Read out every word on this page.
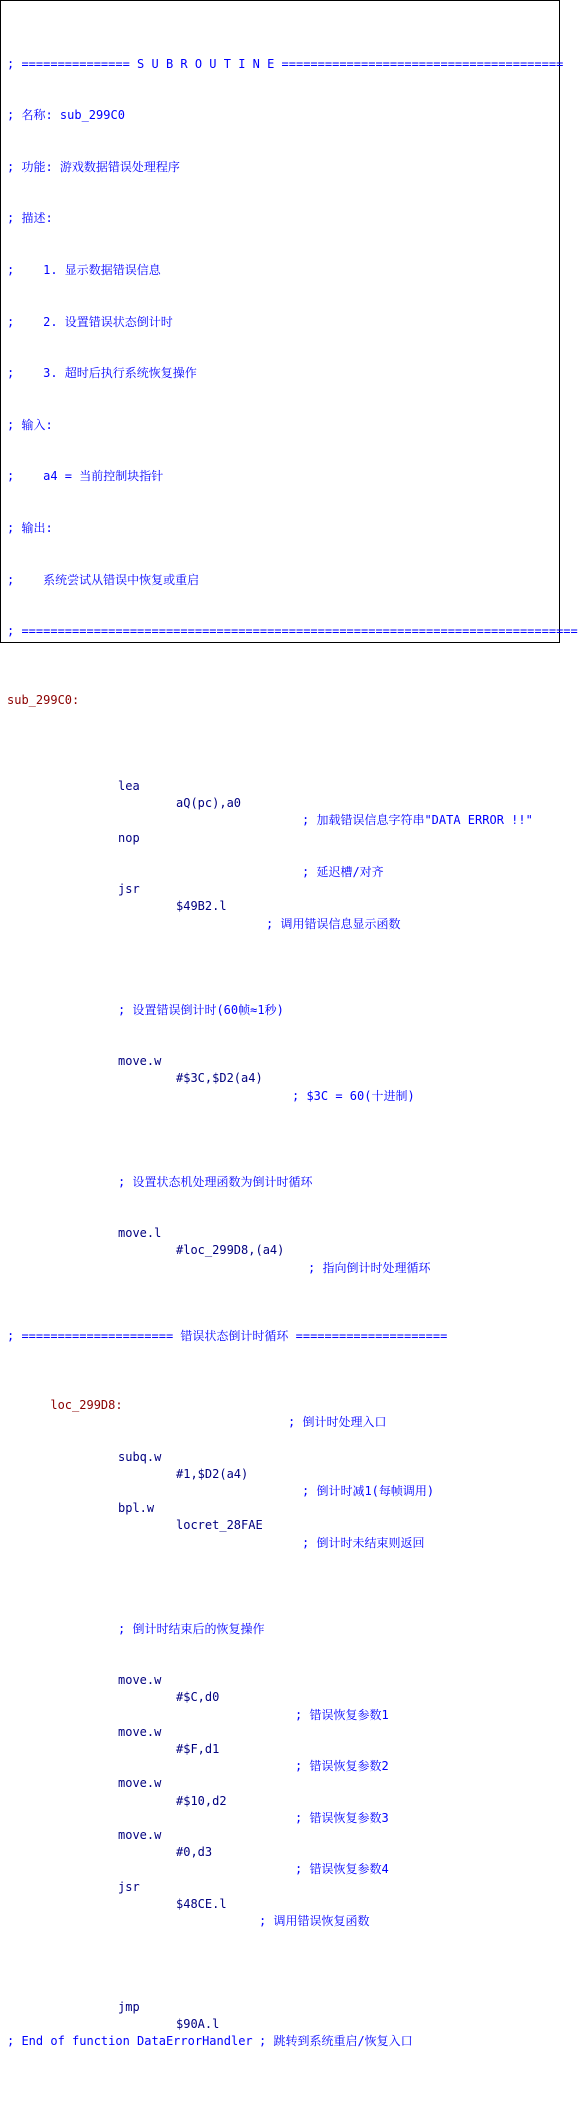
; =============== S U B R O U T I N E =======================================

; 名称: sub_299C0

; 功能: 游戏数据错误处理程序

; 描述:

;    1. 显示数据错误信息

;    2. 设置错误状态倒计时

;    3. 超时后执行系统恢复操作

; 输入:

;    a4 = 当前控制块指针

; 输出:

;    系统尝试从错误中恢复或重启

; =============================================================================

sub_299C0:

lea

aQ(pc),a0

; 加载错误信息字符串"DATA ERROR !!"

nop

; 延迟槽/对齐

jsr

$49B2.l

; 调用错误信息显示函数

; 设置错误倒计时(60帧≈1秒)

move.w

#$3C,$D2(a4)

; $3C = 60(十进制)

; 设置状态机处理函数为倒计时循环

move.l

#loc_299D8,(a4)

; 指向倒计时处理循环

; ===================== 错误状态倒计时循环 =====================

loc_299D8:

; 倒计时处理入口

subq.w

#1,$D2(a4)

; 倒计时减1(每帧调用)

bpl.w

locret_28FAE

; 倒计时未结束则返回

; 倒计时结束后的恢复操作

move.w

#$C,d0

; 错误恢复参数1

move.w

#$F,d1

; 错误恢复参数2

move.w

#$10,d2

; 错误恢复参数3

move.w

#0,d3

; 错误恢复参数4

jsr

$48CE.l

; 调用错误恢复函数

jmp

$90A.l

; 跳转到系统重启/恢复入口

; End of function DataErrorHandler
